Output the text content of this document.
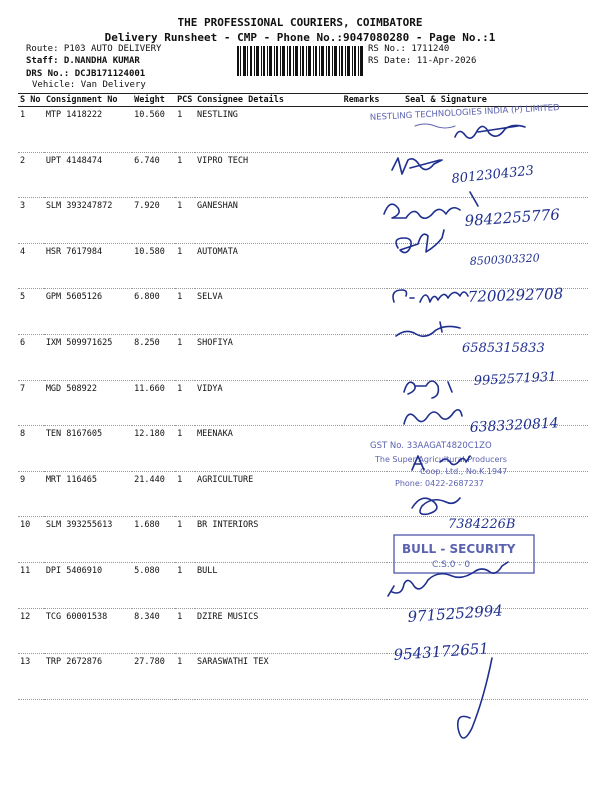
THE PROFESSIONAL COURIERS, COIMBATORE
Delivery Runsheet - CMP - Phone No.:9047080280 - Page No.:1
Route: P103 AUTO DELIVERY
Staff: D.NANDHA KUMAR
DRS No.: DCJB171124001
Vehicle: Van Delivery
RS No.: 1711240
RS Date: 11-Apr-2026
S No	Consignment No	Weight	PCS	Consignee Details	Remarks	Seal & Signature
1	MTP 1418222	10.560	1	NESTLING		
2	UPT 4148474	6.740	1	VIPRO TECH		
3	SLM 393247872	7.920	1	GANESHAN		
4	HSR 7617984	10.580	1	AUTOMATA		
5	GPM 5605126	6.800	1	SELVA		
6	IXM 509971625	8.250	1	SHOFIYA		
7	MGD 508922	11.660	1	VIDYA		
8	TEN 8167605	12.180	1	MEENAKA		
9	MRT 116465	21.440	1	AGRICULTURE		
10	SLM 393255613	1.680	1	BR INTERIORS		
11	DPI 5406910	5.080	1	BULL		
12	TCG 60001538	8.340	1	DZIRE MUSICS		
13	TRP 2672876	27.780	1	SARASWATHI TEX		
NESTLING TECHNOLOGIES INDIA (P) LIMITED
8012304323
9842255776
8500303320
7200292708
6585315833
9952571931
6383320814
GST No. 33AAGAT4820C1ZO
The Super Agricultural Producers
Coop. Ltd., No.K.1947
Phone: 0422-2687237
7384226B
BULL - SECURITY
C.S.0 - 0
9715252994
9543172651
